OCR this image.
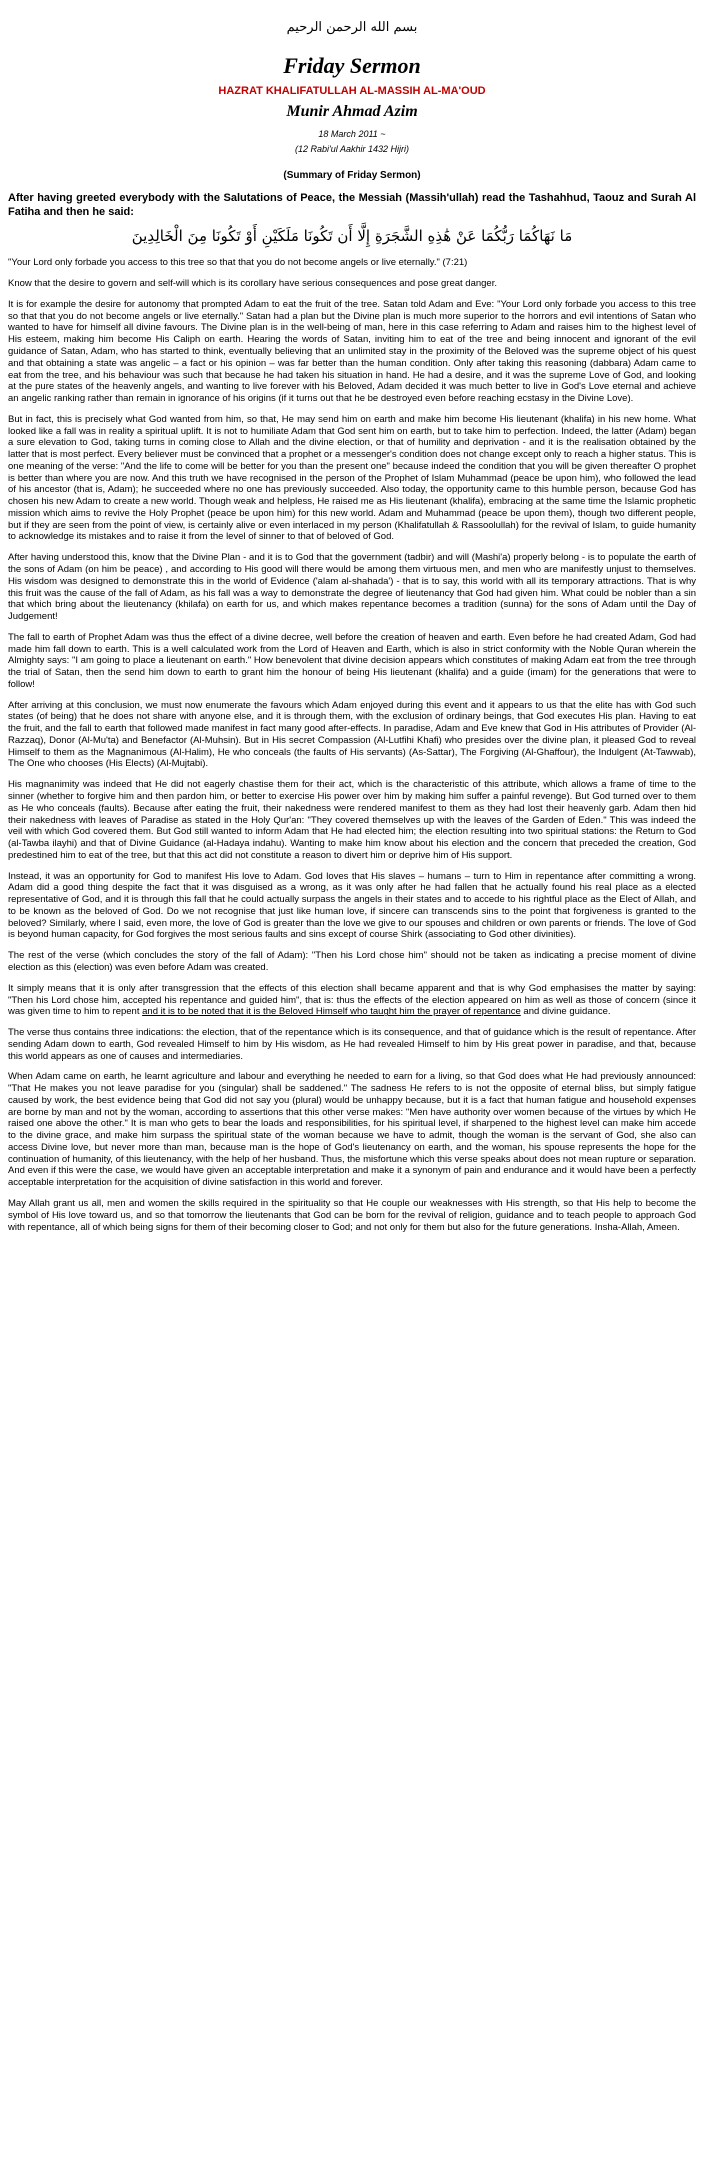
بسم الله الرحمن الرحيم
Friday Sermon
HAZRAT KHALIFATULLAH AL-MASSIH AL-MA'OUD
Munir Ahmad Azim
18 March 2011 ~
(12 Rabi'ul Aakhir 1432 Hijri)
(Summary of Friday Sermon)
After having greeted everybody with the Salutations of Peace, the Messiah (Massih'ullah) read the Tashahhud, Taouz and Surah Al Fatiha and then he said:
مَا نَهَاكُمَا رَبُّكُمَا عَنْ هَٰذِهِ الشَّجَرَةِ إِلَّا أَن تَكُونَا مَلَكَيْنِ أَوْ تَكُونَا مِنَ الْخَالِدِينَ
"Your Lord only forbade you access to this tree so that that you do not become angels or live eternally." (7:21)

Know that the desire to govern and self-will which is its corollary have serious consequences and pose great danger.

It is for example the desire for autonomy that prompted Adam to eat the fruit of the tree. Satan told Adam and Eve: "Your Lord only forbade you access to this tree so that that you do not become angels or live eternally." Satan had a plan but the Divine plan is much more superior to the horrors and evil intentions of Satan who wanted to have for himself all divine favours. The Divine plan is in the well-being of man, here in this case referring to Adam and raises him to the highest level of His esteem, making him become His Caliph on earth. Hearing the words of Satan, inviting him to eat of the tree and being innocent and ignorant of the evil guidance of Satan, Adam, who has started to think, eventually believing that an unlimited stay in the proximity of the Beloved was the supreme object of his quest and that obtaining a state was angelic – a fact or his opinion – was far better than the human condition. Only after taking this reasoning (dabbara) Adam came to eat from the tree, and his behaviour was such that because he had taken his situation in hand. He had a desire, and it was the supreme Love of God, and looking at the pure states of the heavenly angels, and wanting to live forever with his Beloved, Adam decided it was much better to live in God's Love eternal and achieve an angelic ranking rather than remain in ignorance of his origins (if it turns out that he be destroyed even before reaching ecstasy in the Divine Love).

But in fact, this is precisely what God wanted from him, so that, He may send him on earth and make him become His lieutenant (khalifa) in his new home. What looked like a fall was in reality a spiritual uplift. It is not to humiliate Adam that God sent him on earth, but to take him to perfection. Indeed, the latter (Adam) began a sure elevation to God, taking turns in coming close to Allah and the divine election, or that of humility and deprivation - and it is the realisation obtained by the latter that is most perfect. Every believer must be convinced that a prophet or a messenger's condition does not change except only to reach a higher status. This is one meaning of the verse: "And the life to come will be better for you than the present one" because indeed the condition that you will be given thereafter O prophet is better than where you are now. And this truth we have recognised in the person of the Prophet of Islam Muhammad (peace be upon him), who followed the lead of his ancestor (that is, Adam); he succeeded where no one has previously succeeded. Also today, the opportunity came to this humble person, because God has chosen his new Adam to create a new world. Though weak and helpless, He raised me as His lieutenant (khalifa), embracing at the same time the Islamic prophetic mission which aims to revive the Holy Prophet (peace be upon him) for this new world. Adam and Muhammad (peace be upon them), though two different people, but if they are seen from the point of view, is certainly alive or even interlaced in my person (Khalifatullah & Rassoolullah) for the revival of Islam, to guide humanity to acknowledge its mistakes and to raise it from the level of sinner to that of beloved of God.

After having understood this, know that the Divine Plan - and it is to God that the government (tadbir) and will (Mashi'a) properly belong - is to populate the earth of the sons of Adam (on him be peace) , and according to His good will there would be among them virtuous men, and men who are manifestly unjust to themselves. His wisdom was designed to demonstrate this in the world of Evidence ('alam al-shahada') - that is to say, this world with all its temporary attractions. That is why this fruit was the cause of the fall of Adam, as his fall was a way to demonstrate the degree of lieutenancy that God had given him. What could be nobler than a sin that which bring about the lieutenancy (khilafa) on earth for us, and which makes repentance becomes a tradition (sunna) for the sons of Adam until the Day of Judgement!

The fall to earth of Prophet Adam was thus the effect of a divine decree, well before the creation of heaven and earth. Even before he had created Adam, God had made him fall down to earth. This is a well calculated work from the Lord of Heaven and Earth, which is also in strict conformity with the Noble Quran wherein the Almighty says: "I am going to place a lieutenant on earth." How benevolent that divine decision appears which constitutes of making Adam eat from the tree through the trial of Satan, then the send him down to earth to grant him the honour of being His lieutenant (khalifa) and a guide (imam) for the generations that were to follow!

After arriving at this conclusion, we must now enumerate the favours which Adam enjoyed during this event and it appears to us that the elite has with God such states (of being) that he does not share with anyone else, and it is through them, with the exclusion of ordinary beings, that God executes His plan. Having to eat the fruit, and the fall to earth that followed made manifest in fact many good after-effects. In paradise, Adam and Eve knew that God in His attributes of Provider (Al-Razzaq), Donor (Al-Mu'ta) and Benefactor (Al-Muhsin). But in His secret Compassion (Al-Lutfihi Khafi) who presides over the divine plan, it pleased God to reveal Himself to them as the Magnanimous (Al-Halim), He who conceals (the faults of His servants) (As-Sattar), The Forgiving (Al-Ghaffour), the Indulgent (At-Tawwab), The One who chooses (His Elects) (Al-Mujtabi).

His magnanimity was indeed that He did not eagerly chastise them for their act, which is the characteristic of this attribute, which allows a frame of time to the sinner (whether to forgive him and then pardon him, or better to exercise His power over him by making him suffer a painful revenge). But God turned over to them as He who conceals (faults). Because after eating the fruit, their nakedness were rendered manifest to them as they had lost their heavenly garb. Adam then hid their nakedness with leaves of Paradise as stated in the Holy Qur'an: "They covered themselves up with the leaves of the Garden of Eden." This was indeed the veil with which God covered them. But God still wanted to inform Adam that He had elected him; the election resulting into two spiritual stations: the Return to God (al-Tawba ilayhi) and that of Divine Guidance (al-Hadaya indahu). Wanting to make him know about his election and the concern that preceded the creation, God predestined him to eat of the tree, but that this act did not constitute a reason to divert him or deprive him of His support.

Instead, it was an opportunity for God to manifest His love to Adam. God loves that His slaves – humans – turn to Him in repentance after committing a wrong. Adam did a good thing despite the fact that it was disguised as a wrong, as it was only after he had fallen that he actually found his real place as a elected representative of God, and it is through this fall that he could actually surpass the angels in their states and to accede to his rightful place as the Elect of Allah, and to be known as the beloved of God. Do we not recognise that just like human love, if sincere can transcends sins to the point that forgiveness is granted to the beloved? Similarly, where I said, even more, the love of God is greater than the love we give to our spouses and children or own parents or friends. The love of God is beyond human capacity, for God forgives the most serious faults and sins except of course Shirk (associating to God other divinities).

The rest of the verse (which concludes the story of the fall of Adam): "Then his Lord chose him" should not be taken as indicating a precise moment of divine election as this (election) was even before Adam was created.

It simply means that it is only after transgression that the effects of this election shall became apparent and that is why God emphasises the matter by saying: "Then his Lord chose him, accepted his repentance and guided him", that is: thus the effects of the election appeared on him as well as those of concern (since it was given time to him to repent and it is to be noted that it is the Beloved Himself who taught him the prayer of repentance and divine guidance.

The verse thus contains three indications: the election, that of the repentance which is its consequence, and that of guidance which is the result of repentance. After sending Adam down to earth, God revealed Himself to him by His wisdom, as He had revealed Himself to him by His great power in paradise, and that, because this world appears as one of causes and intermediaries.

When Adam came on earth, he learnt agriculture and labour and everything he needed to earn for a living, so that God does what He had previously announced: "That He makes you not leave paradise for you (singular) shall be saddened." The sadness He refers to is not the opposite of eternal bliss, but simply fatigue caused by work, the best evidence being that God did not say you (plural) would be unhappy because, but it is a fact that human fatigue and household expenses are borne by man and not by the woman, according to assertions that this other verse makes: "Men have authority over women because of the virtues by which He raised one above the other." It is man who gets to bear the loads and responsibilities, for his spiritual level, if sharpened to the highest level can make him accede to the divine grace, and make him surpass the spiritual state of the woman because we have to admit, though the woman is the servant of God, she also can access Divine love, but never more than man, because man is the hope of God's lieutenancy on earth, and the woman, his spouse represents the hope for the continuation of humanity, of this lieutenancy, with the help of her husband. Thus, the misfortune which this verse speaks about does not mean rupture or separation. And even if this were the case, we would have given an acceptable interpretation and make it a synonym of pain and endurance and it would have been a perfectly acceptable interpretation for the acquisition of divine satisfaction in this world and forever.

May Allah grant us all, men and women the skills required in the spirituality so that He couple our weaknesses with His strength, so that His help to become the symbol of His love toward us, and so that tomorrow the lieutenants that God can be born for the revival of religion, guidance and to teach people to approach God with repentance, all of which being signs for them of their becoming closer to God; and not only for them but also for the future generations. Insha-Allah, Ameen.
